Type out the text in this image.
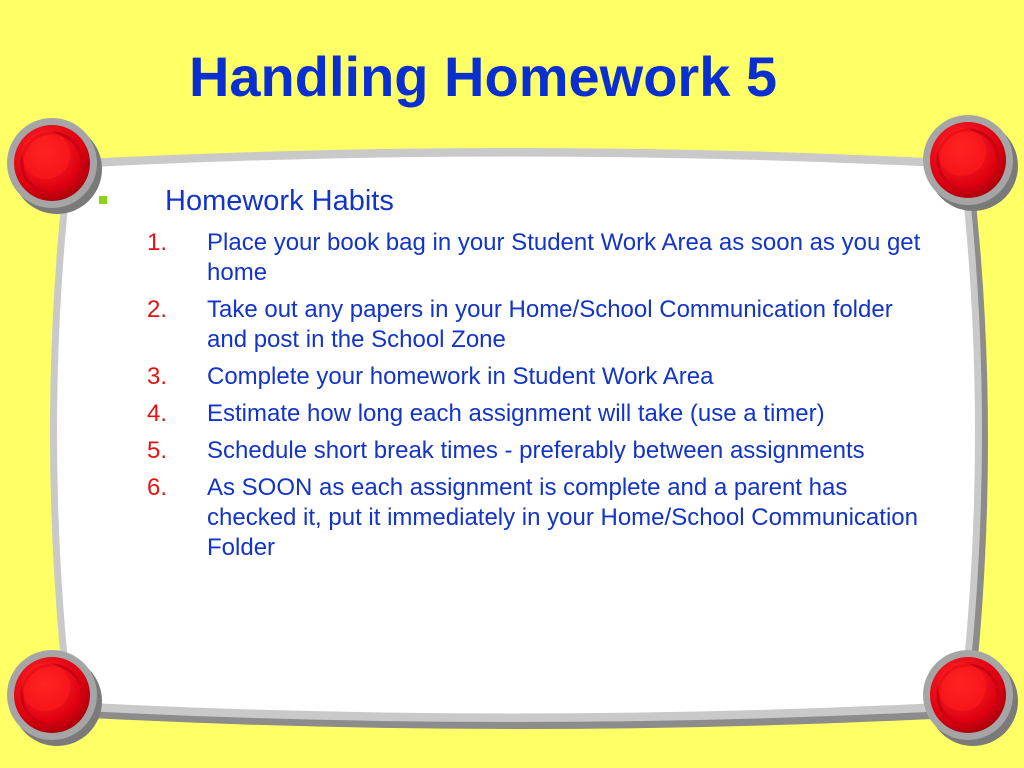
Handling Homework 5
Homework Habits
1. Place your book bag in your Student Work Area as soon as you get home
2. Take out any papers in your Home/School Communication folder and post in the School Zone
3. Complete your homework in Student Work Area
4. Estimate how long each assignment will take (use a timer)
5. Schedule short break times - preferably between assignments
6. As SOON as each assignment is complete and a parent has checked it, put it immediately in your Home/School Communication Folder
